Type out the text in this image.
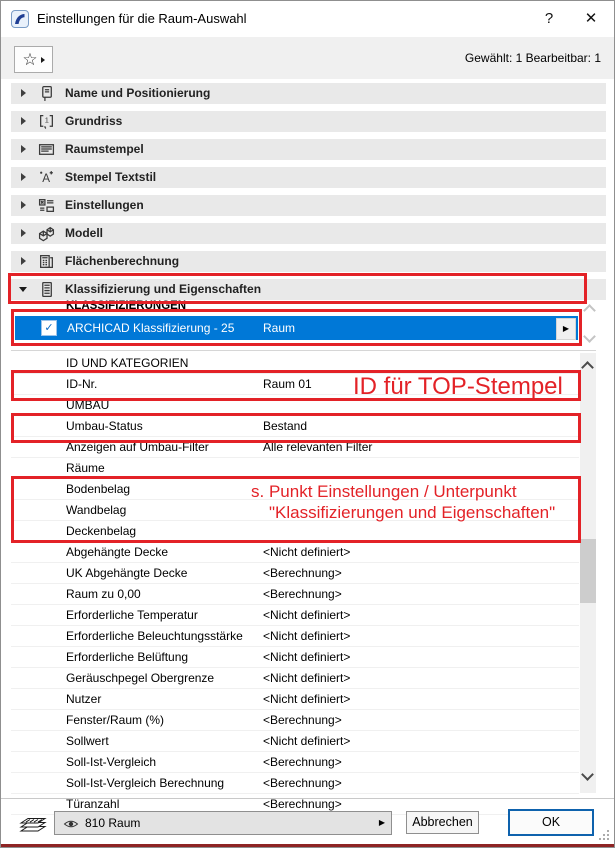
Einstellungen für die Raum-Auswahl	?	✕
☆	Gewählt: 1 Bearbeitbar: 1
Name und Positionierung
1 Grundriss
Raumstempel
A Stempel Textstil
Einstellungen
Modell
Flächenberechnung
Klassifizierung und Eigenschaften
KLASSIFIZIERUNGEN
✓ ARCHICAD Klassifizierung - 25 Raum	▶
ID UND KATEGORIEN
ID-Nr.	Raum 01
UMBAU
Umbau-Status	Bestand
Anzeigen auf Umbau-Filter	Alle relevanten Filter
Räume
Bodenbelag
Wandbelag
Deckenbelag
Abgehängte Decke	<Nicht definiert>
UK Abgehängte Decke	<Berechnung>
Raum zu 0,00	<Berechnung>
Erforderliche Temperatur	<Nicht definiert>
Erforderliche Beleuchtungsstärke <Nicht definiert>
Erforderliche Belüftung	<Nicht definiert>
Geräuschpegel Obergrenze	<Nicht definiert>
Nutzer	<Nicht definiert>
Fenster/Raum (%)	<Berechnung>
Sollwert	<Nicht definiert>
Soll-Ist-Vergleich	<Berechnung>
Soll-Ist-Vergleich Berechnung	<Berechnung>
Türanzahl	<Berechnung>
ID für TOP-Stempel
s. Punkt Einstellungen / Unterpunkt
"Klassifizierungen und Eigenschaften"
810 Raum	▶	Abbrechen	OK
